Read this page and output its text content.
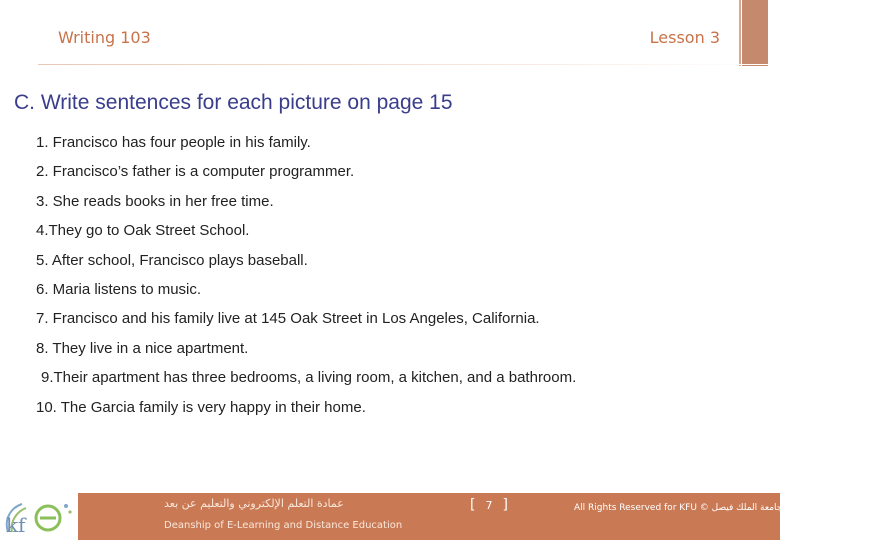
Writing 103	Lesson 3
C. Write sentences for each picture on page 15
1. Francisco has four people in his family.
2. Francisco’s father is a computer programmer.
3. She reads books in her free time.
4.They go to Oak Street School.
5. After school, Francisco plays baseball.
6. Maria listens to music.
7. Francisco and his family live at 145 Oak Street in Los Angeles, California.
8. They live in a nice apartment.
9.Their apartment has three bedrooms, a living room, a kitchen, and a bathroom.
10. The Garcia family is very happy in their home.
k f
عمادة التعلم الإلكتروني والتعليم عن بعد
Deanship of E-Learning and Distance Education
[ 7 ]	All Rights Reserved for KFU © جميع الحقوق محفوظة لجامعة الملك فيصل
